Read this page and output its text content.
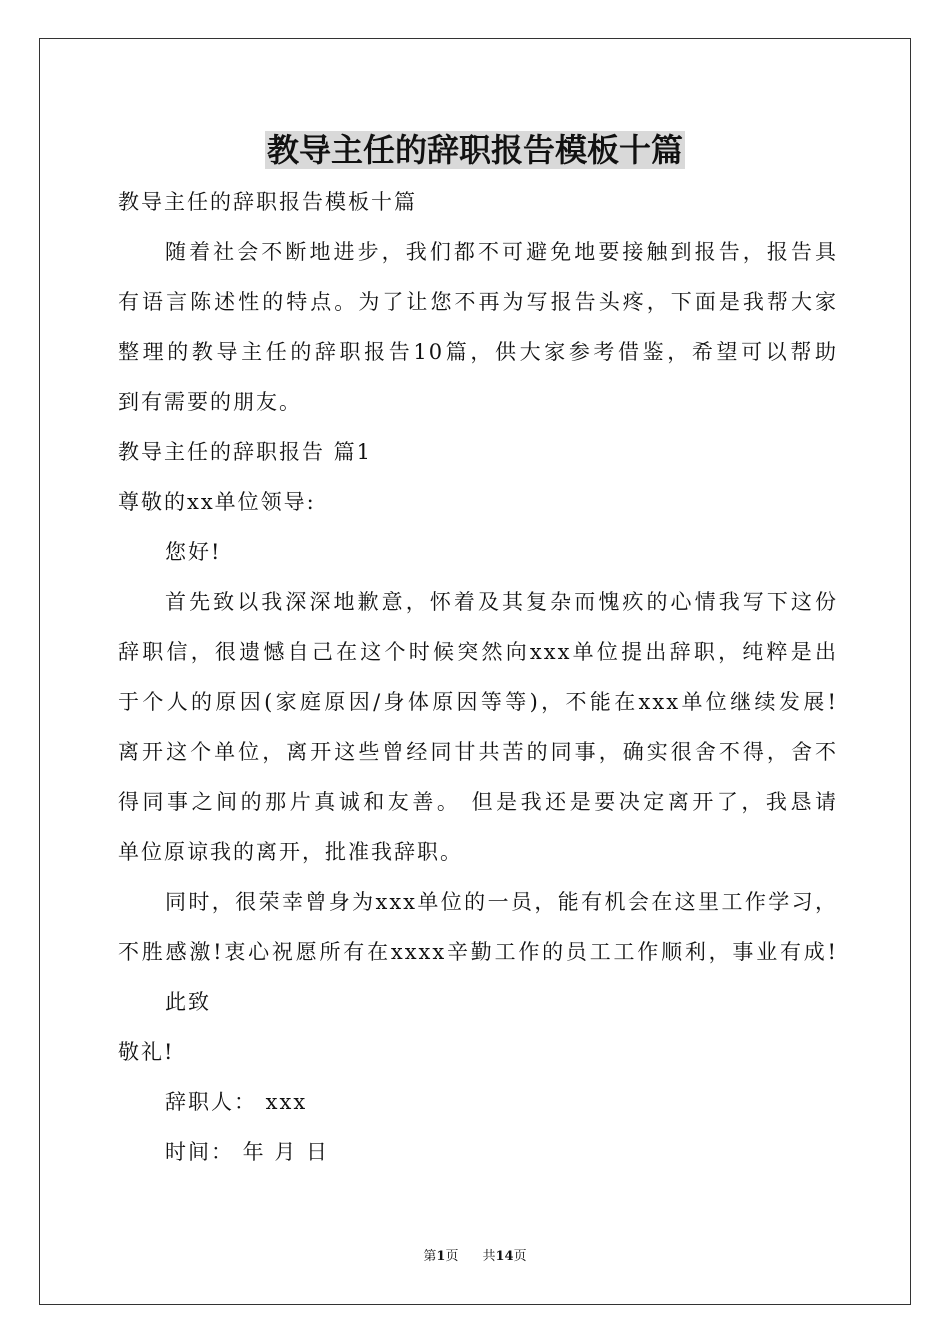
教导主任的辞职报告模板十篇
教导主任的辞职报告模板十篇
随着社会不断地进步，我们都不可避免地要接触到报告，报告具
有语言陈述性的特点。为了让您不再为写报告头疼，下面是我帮大家
整理的教导主任的辞职报告10篇，供大家参考借鉴，希望可以帮助
到有需要的朋友。
教导主任的辞职报告 篇1
尊敬的xx单位领导:
您好!
首先致以我深深地歉意，怀着及其复杂而愧疚的心情我写下这份
辞职信，很遗憾自己在这个时候突然向xxx单位提出辞职，纯粹是出
于个人的原因(家庭原因/身体原因等等)，不能在xxx单位继续发展!
离开这个单位，离开这些曾经同甘共苦的同事，确实很舍不得，舍不
得同事之间的那片真诚和友善。 但是我还是要决定离开了，我恳请
单位原谅我的离开，批准我辞职。
同时，很荣幸曾身为xxx单位的一员，能有机会在这里工作学习，
不胜感激!衷心祝愿所有在xxxx辛勤工作的员工工作顺利，事业有成!
此致
敬礼!
辞职人： xxx
时间： 年 月 日
第1页 共14页
